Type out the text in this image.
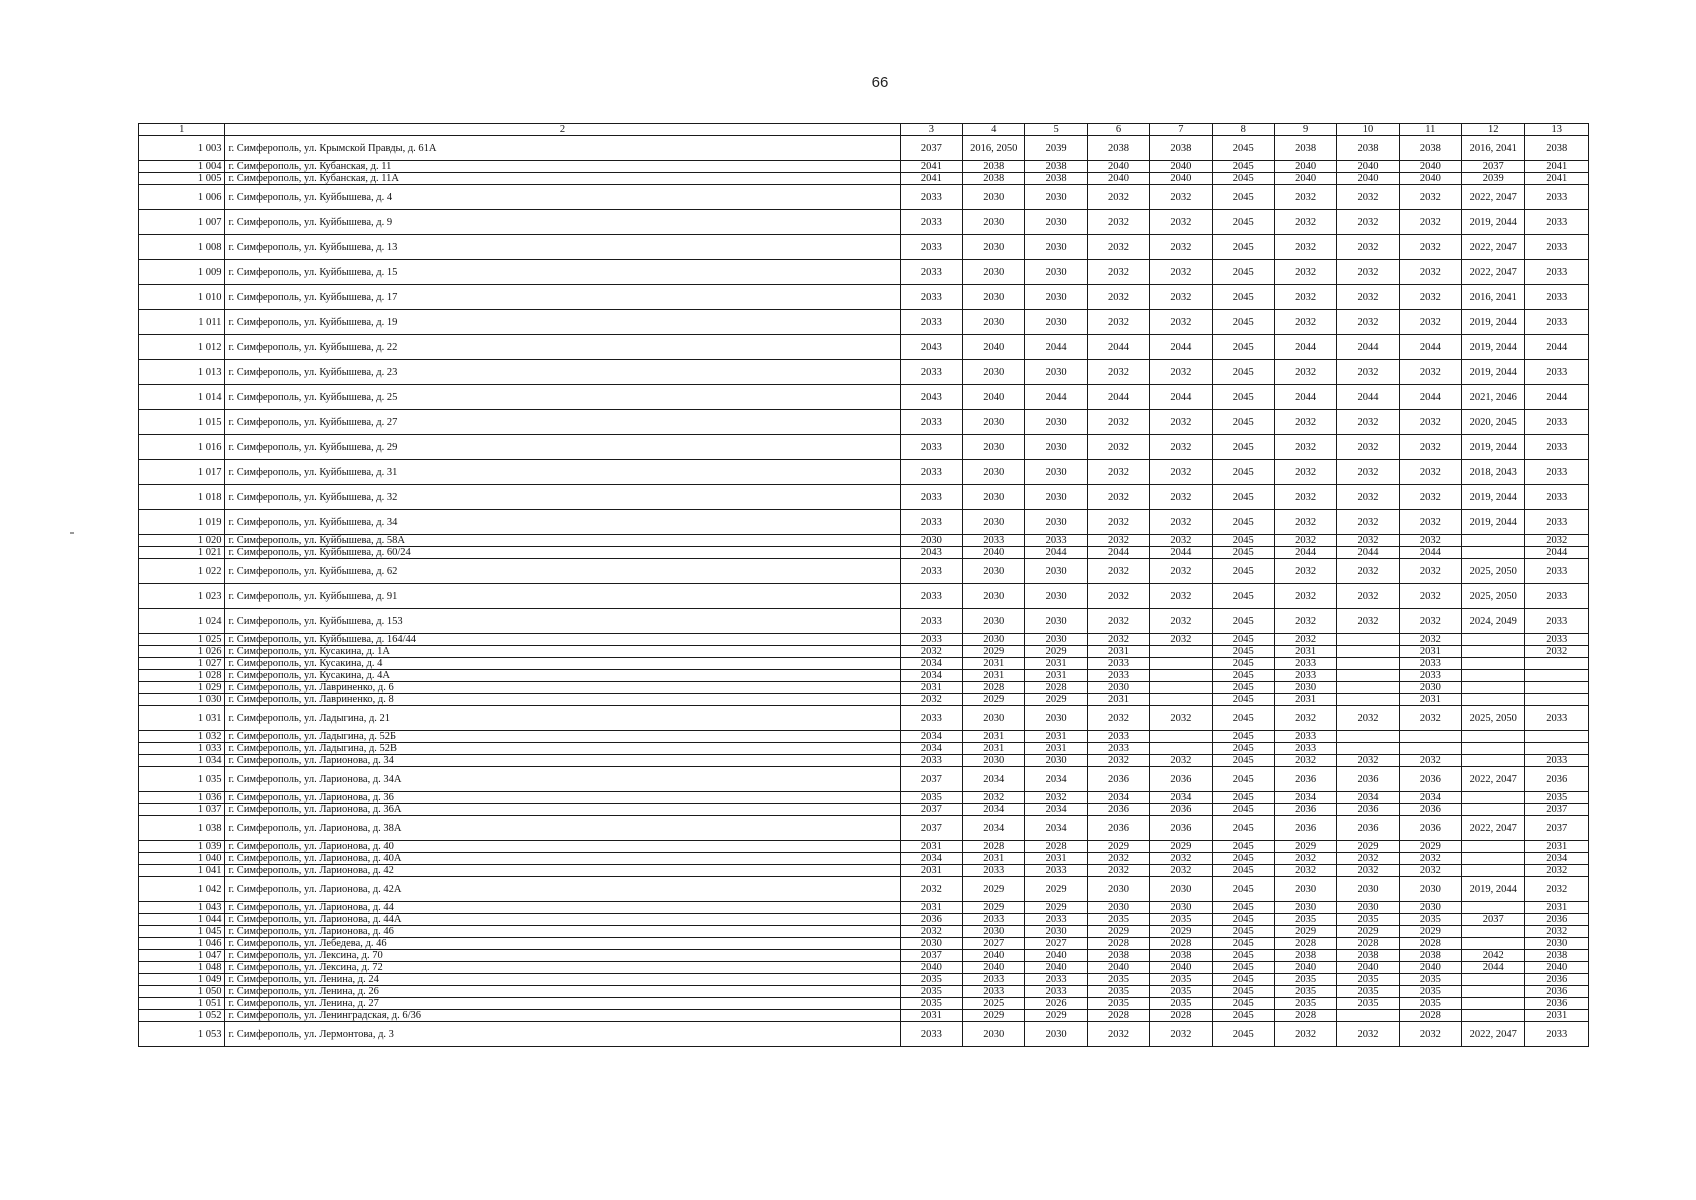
66
1	2	3	4	5	6	7	8	9	10	11	12	13
1 003	г. Симферополь, ул. Крымской Правды, д. 61А	2037	2016, 2050	2039	2038	2038	2045	2038	2038	2038	2016, 2041	2038
1 004	г. Симферополь, ул. Кубанская, д. 11	2041	2038	2038	2040	2040	2045	2040	2040	2040	2037	2041
1 005	г. Симферополь, ул. Кубанская, д. 11А	2041	2038	2038	2040	2040	2045	2040	2040	2040	2039	2041
1 006	г. Симферополь, ул. Куйбышева, д. 4	2033	2030	2030	2032	2032	2045	2032	2032	2032	2022, 2047	2033
1 007	г. Симферополь, ул. Куйбышева, д. 9	2033	2030	2030	2032	2032	2045	2032	2032	2032	2019, 2044	2033
1 008	г. Симферополь, ул. Куйбышева, д. 13	2033	2030	2030	2032	2032	2045	2032	2032	2032	2022, 2047	2033
1 009	г. Симферополь, ул. Куйбышева, д. 15	2033	2030	2030	2032	2032	2045	2032	2032	2032	2022, 2047	2033
1 010	г. Симферополь, ул. Куйбышева, д. 17	2033	2030	2030	2032	2032	2045	2032	2032	2032	2016, 2041	2033
1 011	г. Симферополь, ул. Куйбышева, д. 19	2033	2030	2030	2032	2032	2045	2032	2032	2032	2019, 2044	2033
1 012	г. Симферополь, ул. Куйбышева, д. 22	2043	2040	2044	2044	2044	2045	2044	2044	2044	2019, 2044	2044
1 013	г. Симферополь, ул. Куйбышева, д. 23	2033	2030	2030	2032	2032	2045	2032	2032	2032	2019, 2044	2033
1 014	г. Симферополь, ул. Куйбышева, д. 25	2043	2040	2044	2044	2044	2045	2044	2044	2044	2021, 2046	2044
1 015	г. Симферополь, ул. Куйбышева, д. 27	2033	2030	2030	2032	2032	2045	2032	2032	2032	2020, 2045	2033
1 016	г. Симферополь, ул. Куйбышева, д. 29	2033	2030	2030	2032	2032	2045	2032	2032	2032	2019, 2044	2033
1 017	г. Симферополь, ул. Куйбышева, д. 31	2033	2030	2030	2032	2032	2045	2032	2032	2032	2018, 2043	2033
1 018	г. Симферополь, ул. Куйбышева, д. 32	2033	2030	2030	2032	2032	2045	2032	2032	2032	2019, 2044	2033
1 019	г. Симферополь, ул. Куйбышева, д. 34	2033	2030	2030	2032	2032	2045	2032	2032	2032	2019, 2044	2033
1 020	г. Симферополь, ул. Куйбышева, д. 58А	2030	2033	2033	2032	2032	2045	2032	2032	2032		2032
1 021	г. Симферополь, ул. Куйбышева, д. 60/24	2043	2040	2044	2044	2044	2045	2044	2044	2044		2044
1 022	г. Симферополь, ул. Куйбышева, д. 62	2033	2030	2030	2032	2032	2045	2032	2032	2032	2025, 2050	2033
1 023	г. Симферополь, ул. Куйбышева, д. 91	2033	2030	2030	2032	2032	2045	2032	2032	2032	2025, 2050	2033
1 024	г. Симферополь, ул. Куйбышева, д. 153	2033	2030	2030	2032	2032	2045	2032	2032	2032	2024, 2049	2033
1 025	г. Симферополь, ул. Куйбышева, д. 164/44	2033	2030	2030	2032	2032	2045	2032		2032		2033
1 026	г. Симферополь, ул. Кусакина, д. 1А	2032	2029	2029	2031		2045	2031		2031		2032
1 027	г. Симферополь, ул. Кусакина, д. 4	2034	2031	2031	2033		2045	2033		2033		
1 028	г. Симферополь, ул. Кусакина, д. 4А	2034	2031	2031	2033		2045	2033		2033		
1 029	г. Симферополь, ул. Лавриненко, д. 6	2031	2028	2028	2030		2045	2030		2030		
1 030	г. Симферополь, ул. Лавриненко, д. 8	2032	2029	2029	2031		2045	2031		2031		
1 031	г. Симферополь, ул. Ладыгина, д. 21	2033	2030	2030	2032	2032	2045	2032	2032	2032	2025, 2050	2033
1 032	г. Симферополь, ул. Ладыгина, д. 52Б	2034	2031	2031	2033		2045	2033				
1 033	г. Симферополь, ул. Ладыгина, д. 52В	2034	2031	2031	2033		2045	2033				
1 034	г. Симферополь, ул. Ларионова, д. 34	2033	2030	2030	2032	2032	2045	2032	2032	2032		2033
1 035	г. Симферополь, ул. Ларионова, д. 34А	2037	2034	2034	2036	2036	2045	2036	2036	2036	2022, 2047	2036
1 036	г. Симферополь, ул. Ларионова, д. 36	2035	2032	2032	2034	2034	2045	2034	2034	2034		2035
1 037	г. Симферополь, ул. Ларионова, д. 36А	2037	2034	2034	2036	2036	2045	2036	2036	2036		2037
1 038	г. Симферополь, ул. Ларионова, д. 38А	2037	2034	2034	2036	2036	2045	2036	2036	2036	2022, 2047	2037
1 039	г. Симферополь, ул. Ларионова, д. 40	2031	2028	2028	2029	2029	2045	2029	2029	2029		2031
1 040	г. Симферополь, ул. Ларионова, д. 40А	2034	2031	2031	2032	2032	2045	2032	2032	2032		2034
1 041	г. Симферополь, ул. Ларионова, д. 42	2031	2033	2033	2032	2032	2045	2032	2032	2032		2032
1 042	г. Симферополь, ул. Ларионова, д. 42А	2032	2029	2029	2030	2030	2045	2030	2030	2030	2019, 2044	2032
1 043	г. Симферополь, ул. Ларионова, д. 44	2031	2029	2029	2030	2030	2045	2030	2030	2030		2031
1 044	г. Симферополь, ул. Ларионова, д. 44А	2036	2033	2033	2035	2035	2045	2035	2035	2035	2037	2036
1 045	г. Симферополь, ул. Ларионова, д. 46	2032	2030	2030	2029	2029	2045	2029	2029	2029		2032
1 046	г. Симферополь, ул. Лебедева, д. 46	2030	2027	2027	2028	2028	2045	2028	2028	2028		2030
1 047	г. Симферополь, ул. Лексина, д. 70	2037	2040	2040	2038	2038	2045	2038	2038	2038	2042	2038
1 048	г. Симферополь, ул. Лексина, д. 72	2040	2040	2040	2040	2040	2045	2040	2040	2040	2044	2040
1 049	г. Симферополь, ул. Ленина, д. 24	2035	2033	2033	2035	2035	2045	2035	2035	2035		2036
1 050	г. Симферополь, ул. Ленина, д. 26	2035	2033	2033	2035	2035	2045	2035	2035	2035		2036
1 051	г. Симферополь, ул. Ленина, д. 27	2035	2025	2026	2035	2035	2045	2035	2035	2035		2036
1 052	г. Симферополь, ул. Ленинградская, д. 6/36	2031	2029	2029	2028	2028	2045	2028		2028		2031
1 053	г. Симферополь, ул. Лермонтова, д. 3	2033	2030	2030	2032	2032	2045	2032	2032	2032	2022, 2047	2033
